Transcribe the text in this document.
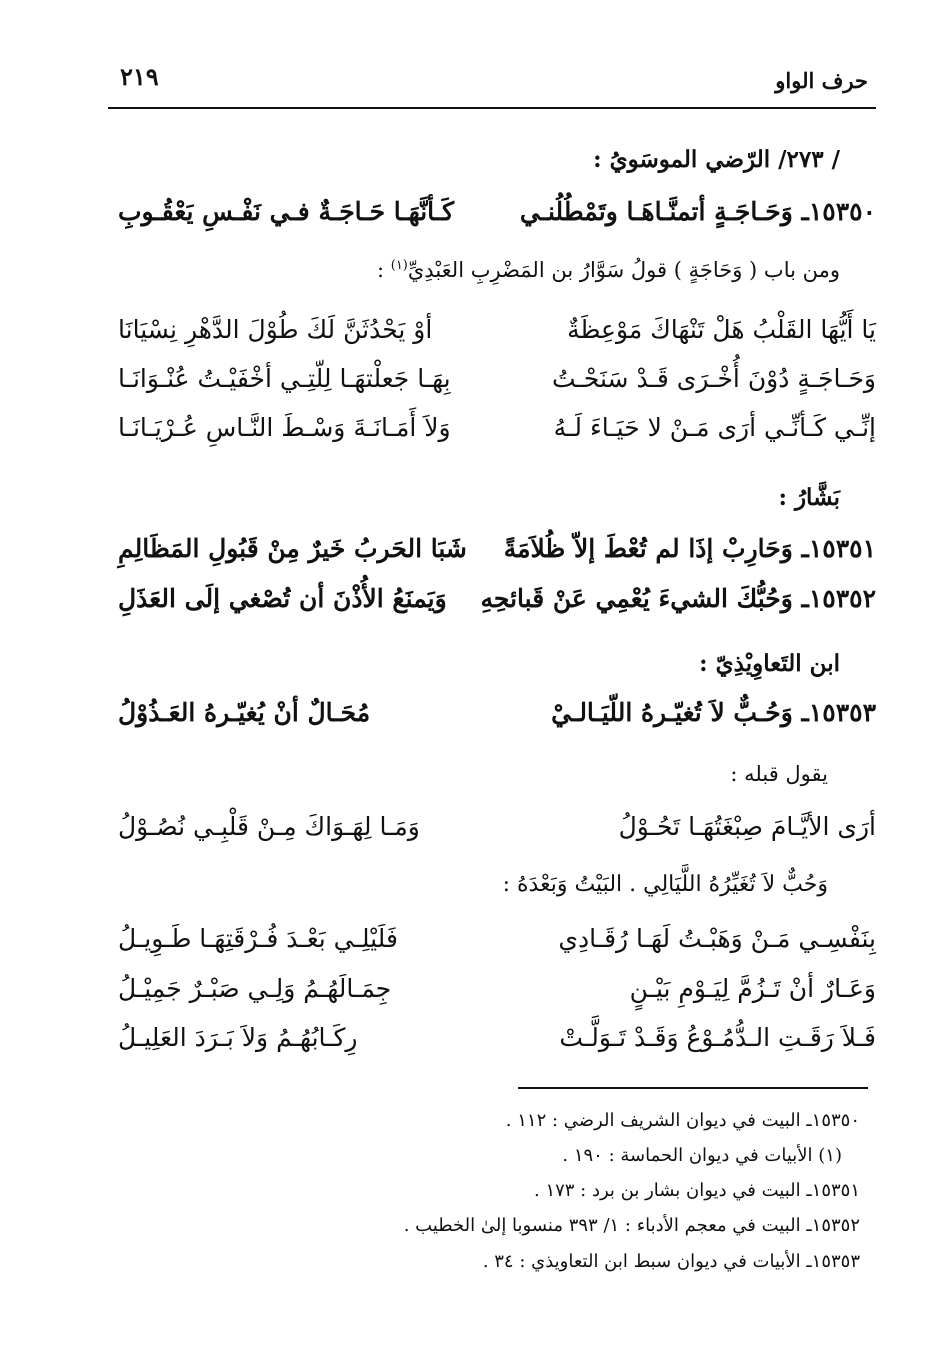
حرف الواو
٢١٩
/ ٢٧٣/ الرّضي الموسَويُ :
١٥٣٥٠ـ وَحَـاجَـةٍ أتمنَّـاهَـا وتَمْطُلُنـي
كَـأنَّهَـا حَـاجَـةٌ فـي نَفْـسِ يَعْقُـوبِ
ومن باب ( وَحَاجَةٍ ) قولُ سَوَّارُ بن المَضْرِبِ العَبْدِيِّ$^{(١)}$ :
يَا أَيُّهَا القَلْبُ هَلْ تَنْهَاكَ مَوْعِظَةٌ
أوْ يَحْدُثَنَّ لَكَ طُوْلَ الدَّهْرِ نِسْيَانَا
وَحَـاجَـةٍ دُوْنَ أُخْـرَى قَـدْ سَنَحْـتُ
بِهَـا جَعلْتهَـا لِلّتِـي أخْفَيْـتُ عُنْـوَانَـا
إنِّـي كَـأنِّـي أرَى مَـنْ لا حَيَـاءَ لَـهُ
وَلاَ أَمَـانَـةَ وَسْـطَ النَّـاسِ عُـرْيَـانَـا
بَشَّارُ :
١٥٣٥١ـ وَحَارِبْ إذَا لم تُعْطَ إلاّ ظُلاَمَةً
شَبَا الحَربُ خَيرٌ مِنْ قَبُولِ المَظَالِمِ
١٥٣٥٢ـ وَحُبُّكَ الشيءَ يُعْمِي عَنْ قَبائحِهِ
وَيَمنَعُ الأُذْنَ أن تُصْغي إلَى العَذَلِ
ابن التَعاوِيْذِيّ :
١٥٣٥٣ـ وَحُـبٌّ لاَ تُغيّـرهُ اللّيَـالـيْ
مُحَـالٌ أنْ يُغيّـرهُ العَـذُوْلُ
يقول قبله :
أرَى الأيَّـامَ صِبْغَتُهَـا تَحُـوْلُ
وَمَـا لِهَـوَاكَ مِـنْ قَلْبِـي نُصُـوْلُ
وَحُبٌّ لاَ تُغَيِّرُهُ اللَّيَالِي . البَيْتُ وَبَعْدَهُ :
بِنَفْسِـي مَـنْ وَهَبْـتُ لَهَـا رُقَـادِي
فَلَيْلِـي بَعْـدَ فُـرْقَتِهَـا طَـوِيـلُ
وَعَـارٌ أنْ تَـزُمَّ لِيَـوْمِ بَيْـنٍ
جِمَـالَهُـمُ وَلِـي صَبْـرٌ جَمِيْـلُ
فَـلاَ رَقَـتِ الـدُّمُـوْعُ وَقَـدْ تَـوَلَّـتْ
رِكَـابُهُـمُ وَلاَ بَـرَدَ العَلِيـلُ
١٥٣٥٠ـ البيت في ديوان الشريف الرضي : ١١٢ .
(١) الأبيات في ديوان الحماسة : ١٩٠ .
١٥٣٥١ـ البيت في ديوان بشار بن برد : ١٧٣ .
١٥٣٥٢ـ البيت في معجم الأدباء : ١/ ٣٩٣ منسوبا إلىٰ الخطيب .
١٥٣٥٣ـ الأبيات في ديوان سبط ابن التعاويذي : ٣٤ .
